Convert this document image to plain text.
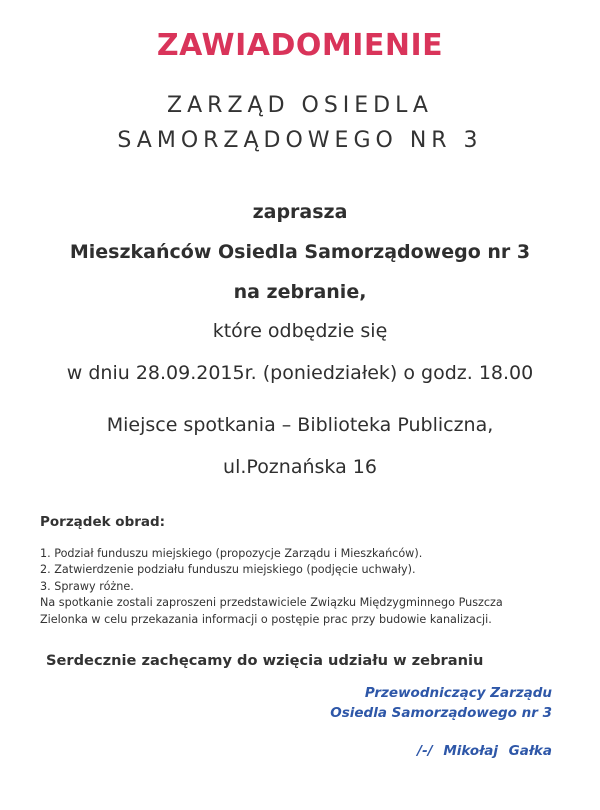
ZAWIADOMIENIE
ZARZĄD OSIEDLA
SAMORZĄDOWEGO NR 3
zaprasza
Mieszkańców Osiedla Samorządowego nr 3
na zebranie,
które odbędzie się
w dniu 28.09.2015r. (poniedziałek) o godz. 18.00
Miejsce spotkania – Biblioteka Publiczna,
ul.Poznańska 16
Porządek obrad:
1. Podział funduszu miejskiego (propozycje Zarządu i Mieszkańców).
2. Zatwierdzenie podziału funduszu miejskiego (podjęcie uchwały).
3. Sprawy różne.
Na spotkanie zostali zaproszeni przedstawiciele Związku Międzygminnego Puszcza
Zielonka w celu przekazania informacji o postępie prac przy budowie kanalizacji.
Serdecznie zachęcamy do wzięcia udziału w zebraniu
Przewodniczący Zarządu
Osiedla Samorządowego nr 3
/-/ Mikołaj Gałka
